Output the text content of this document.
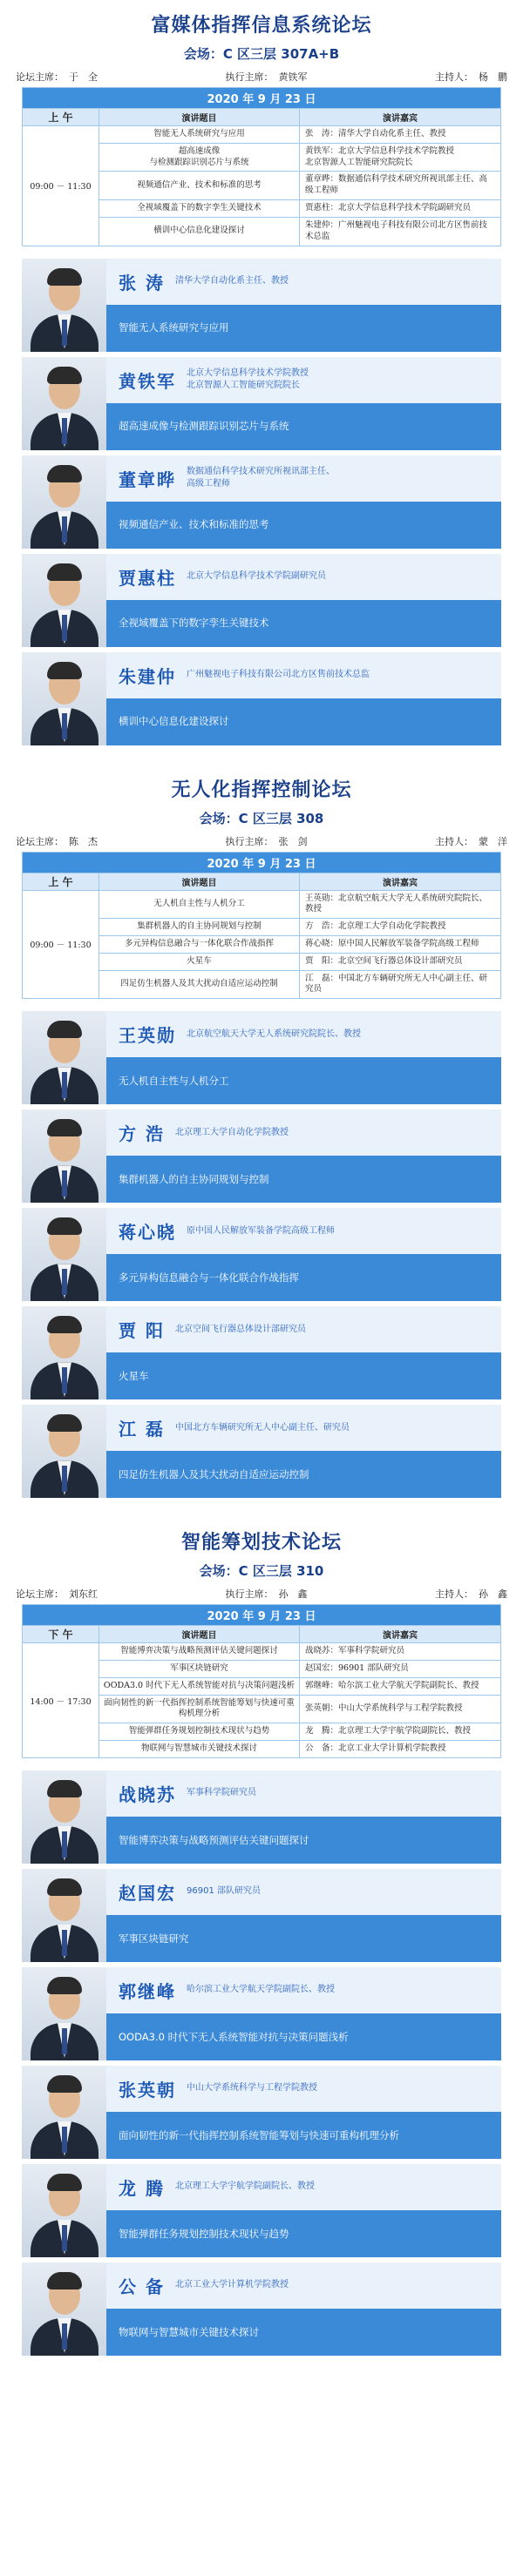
富媒体指挥信息系统论坛
会场：C 区三层 307A+B
论坛主席： 于　全	执行主席： 黄铁军	主持人： 杨　鹏
2020 年 9 月 23 日		
上 午	演讲题目	演讲嘉宾
09:00 － 11:30	智能无人系统研究与应用	张　涛：清华大学自动化系主任、教授
	超高速成像
与检测跟踪识别芯片与系统	黄铁军：北京大学信息科学技术学院教授
北京智源人工智能研究院院长
	视频通信产业、技术和标准的思考	董章晔：数据通信科学技术研究所视讯部主任、高级工程师
	全视域覆盖下的数字孪生关键技术	贾惠柱：北京大学信息科学技术学院副研究员
	横训中心信息化建设探讨	朱建仲：广州魅视电子科技有限公司北方区售前技术总监
张 涛 清华大学自动化系主任、教授
智能无人系统研究与应用
黄铁军 北京大学信息科学技术学院教授
北京智源人工智能研究院院长
超高速成像与检测跟踪识别芯片与系统
董章晔 数据通信科学技术研究所视讯部主任、
高级工程师
视频通信产业、技术和标准的思考
贾惠柱 北京大学信息科学技术学院副研究员
全视域覆盖下的数字孪生关键技术
朱建仲 广州魅视电子科技有限公司北方区售前技术总监
横训中心信息化建设探讨
无人化指挥控制论坛
会场：C 区三层 308
论坛主席： 陈　杰	执行主席： 张　剑	主持人： 蒙　洋
2020 年 9 月 23 日		
上 午	演讲题目	演讲嘉宾
09:00 － 11:30	无人机自主性与人机分工	王英勋：北京航空航天大学无人系统研究院院长、教授
	集群机器人的自主协同规划与控制	方　浩：北京理工大学自动化学院教授
	多元异构信息融合与一体化联合作战指挥	蒋心晓：原中国人民解放军装备学院高级工程师
	火星车	贾　阳：北京空间飞行器总体设计部研究员
	四足仿生机器人及其大扰动自适应运动控制	江　磊：中国北方车辆研究所无人中心副主任、研究员
王英勋 北京航空航天大学无人系统研究院院长、教授
无人机自主性与人机分工
方 浩 北京理工大学自动化学院教授
集群机器人的自主协同规划与控制
蒋心晓 原中国人民解放军装备学院高级工程师
多元异构信息融合与一体化联合作战指挥
贾 阳 北京空间飞行器总体设计部研究员
火星车
江 磊 中国北方车辆研究所无人中心副主任、研究员
四足仿生机器人及其大扰动自适应运动控制
智能筹划技术论坛
会场：C 区三层 310
论坛主席： 刘东红	执行主席： 孙　鑫	主持人： 孙　鑫
2020 年 9 月 23 日		
下 午	演讲题目	演讲嘉宾
14:00 － 17:30	智能博弈决策与战略预测评估关键问题探讨	战晓苏：军事科学院研究员
	军事区块链研究	赵国宏：96901 部队研究员
	OODA3.0 时代下无人系统智能对抗与决策问题浅析	郭继峰：哈尔滨工业大学航天学院副院长、教授
	面向韧性的新一代指挥控制系统智能筹划与快速可重构机理分析	张英朝：中山大学系统科学与工程学院教授
	智能弹群任务规划控制技术现状与趋势	龙　腾：北京理工大学宇航学院副院长、教授
	物联网与智慧城市关键技术探讨	公　备：北京工业大学计算机学院教授
战晓苏 军事科学院研究员
智能博弈决策与战略预测评估关键问题探讨
赵国宏 96901 部队研究员
军事区块链研究
郭继峰 哈尔滨工业大学航天学院副院长、教授
OODA3.0 时代下无人系统智能对抗与决策问题浅析
张英朝 中山大学系统科学与工程学院教授
面向韧性的新一代指挥控制系统智能筹划与快速可重构机理分析
龙 腾 北京理工大学宇航学院副院长、教授
智能弹群任务规划控制技术现状与趋势
公 备 北京工业大学计算机学院教授
物联网与智慧城市关键技术探讨
